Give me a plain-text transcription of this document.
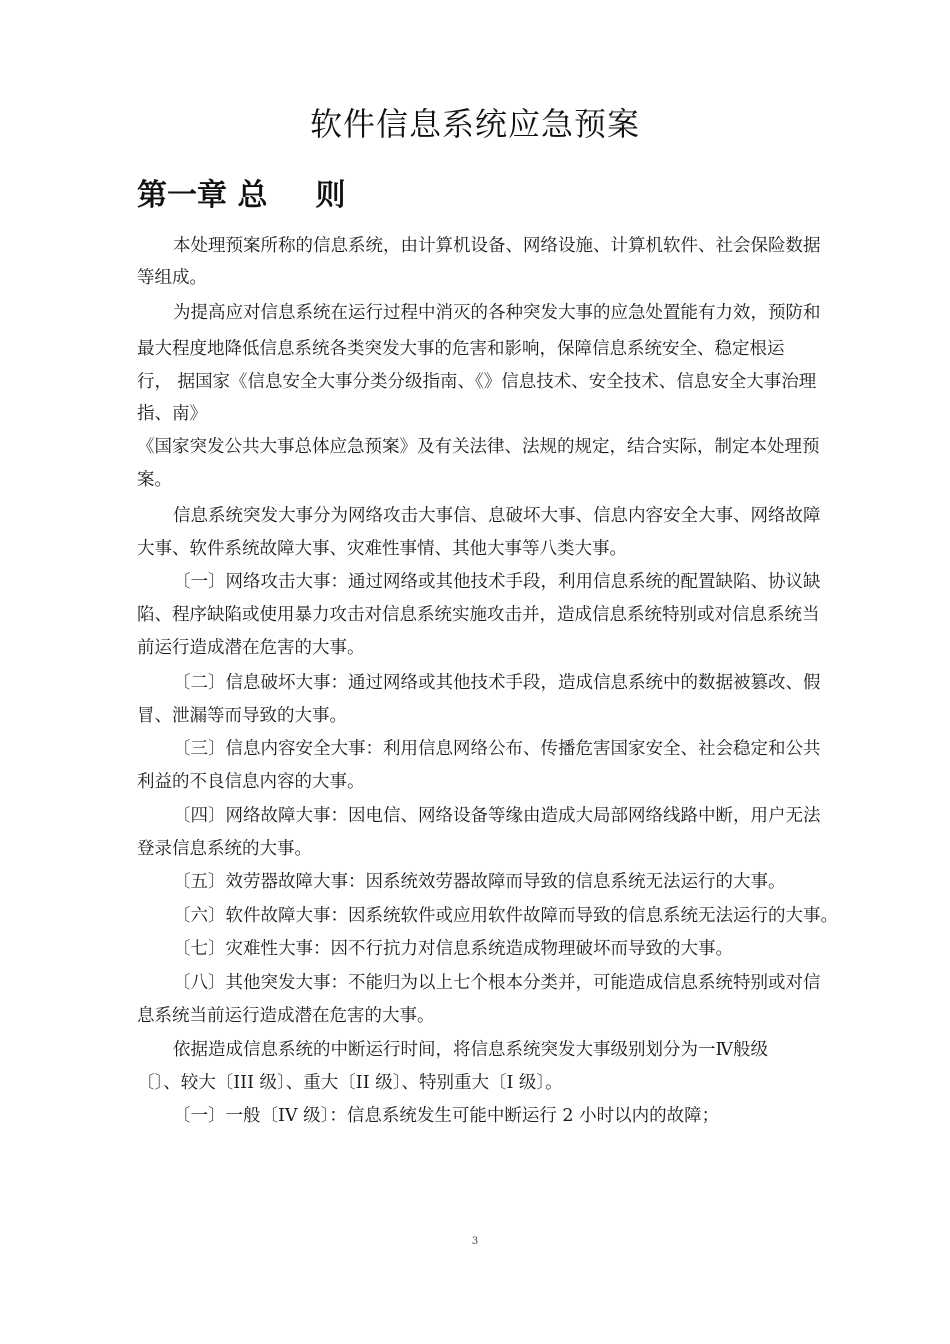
软件信息系统应急预案
第一章 总 则
本处理预案所称的信息系统，由计算机设备、网络设施、计算机软件、社会保险数据
等组成。
为提高应对信息系统在运行过程中消灭的各种突发大事的应急处置能有力效，预防和
最大程度地降低信息系统各类突发大事的危害和影响，保障信息系统安全、稳定根运
行， 据国家《信息安全大事分类分级指南、《》信息技术、安全技术、信息安全大事治理
指、南》
《国家突发公共大事总体应急预案》及有关法律、法规的规定，结合实际，制定本处理预
案。
信息系统突发大事分为网络攻击大事信、息破坏大事、信息内容安全大事、网络故障
大事、软件系统故障大事、灾难性事情、其他大事等八类大事。
〔一〕网络攻击大事：通过网络或其他技术手段，利用信息系统的配置缺陷、协议缺
陷、程序缺陷或使用暴力攻击对信息系统实施攻击并，造成信息系统特别或对信息系统当
前运行造成潜在危害的大事。
〔二〕信息破坏大事：通过网络或其他技术手段，造成信息系统中的数据被篡改、假
冒、泄漏等而导致的大事。
〔三〕信息内容安全大事：利用信息网络公布、传播危害国家安全、社会稳定和公共
利益的不良信息内容的大事。
〔四〕网络故障大事：因电信、网络设备等缘由造成大局部网络线路中断，用户无法
登录信息系统的大事。
〔五〕效劳器故障大事：因系统效劳器故障而导致的信息系统无法运行的大事。
〔六〕软件故障大事：因系统软件或应用软件故障而导致的信息系统无法运行的大事。
〔七〕灾难性大事：因不行抗力对信息系统造成物理破坏而导致的大事。
〔八〕其他突发大事：不能归为以上七个根本分类并，可能造成信息系统特别或对信
息系统当前运行造成潜在危害的大事。
依据造成信息系统的中断运行时间，将信息系统突发大事级别划分为一Ⅳ般级
〔〕、较大〔III 级〕、重大〔II 级〕、特别重大〔I 级〕。
〔一〕一般〔IV 级〕：信息系统发生可能中断运行 2 小时以内的故障；
3
